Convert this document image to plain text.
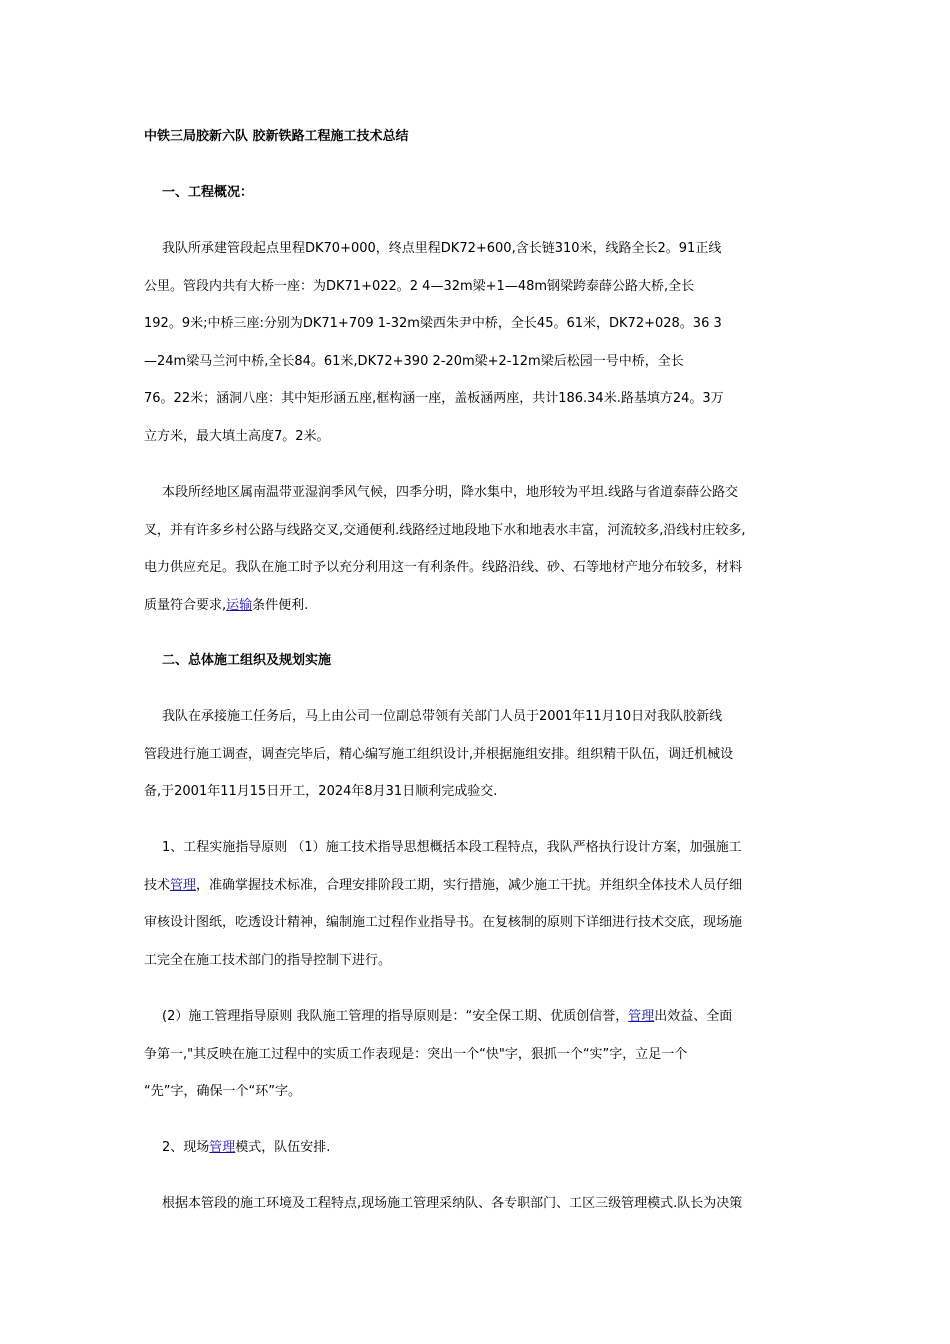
中铁三局胶新六队 胶新铁路工程施工技术总结
一、工程概况：

我队所承建管段起点里程DK70+000，终点里程DK72+600,含长链310米，线路全长2。91正线

公里。管段内共有大桥一座：为DK71+022。2 4—32m梁+1—48m钢梁跨泰薛公路大桥,全长

192。9米;中桥三座:分别为DK71+709 1-32m梁西朱尹中桥，全长45。61米，DK72+028。36 3

—24m梁马兰河中桥,全长84。61米,DK72+390 2-20m梁+2-12m梁后松园一号中桥，全长

76。22米；涵洞八座：其中矩形涵五座,框构涵一座，盖板涵两座，共计186.34米.路基填方24。3万

立方米，最大填土高度7。2米。

本段所经地区属南温带亚湿润季风气候，四季分明，降水集中，地形较为平坦.线路与省道泰薛公路交

叉，并有许多乡村公路与线路交叉,交通便利.线路经过地段地下水和地表水丰富，河流较多,沿线村庄较多,

电力供应充足。我队在施工时予以充分利用这一有利条件。线路沿线、砂、石等地材产地分布较多，材料

质量符合要求,运输条件便利.

二、总体施工组织及规划实施

我队在承接施工任务后，马上由公司一位副总带领有关部门人员于2001年11月10日对我队胶新线

管段进行施工调查，调查完毕后，精心编写施工组织设计,并根据施组安排。组织精干队伍，调迁机械设

备,于2001年11月15日开工，2024年8月31日顺利完成验交.

1、工程实施指导原则 （1）施工技术指导思想概括本段工程特点，我队严格执行设计方案，加强施工

技术管理，准确掌握技术标准，合理安排阶段工期，实行措施，减少施工干扰。并组织全体技术人员仔细

审核设计图纸，吃透设计精神，编制施工过程作业指导书。在复核制的原则下详细进行技术交底，现场施

工完全在施工技术部门的指导控制下进行。

(2）施工管理指导原则 我队施工管理的指导原则是：“安全保工期、优质创信誉，管理出效益、全面

争第一,"其反映在施工过程中的实质工作表现是：突出一个“快"字，狠抓一个“实”字，立足一个

“先”字，确保一个“环”字。

2、现场管理模式，队伍安排.

根据本管段的施工环境及工程特点,现场施工管理采纳队、各专职部门、工区三级管理模式.队长为决策
